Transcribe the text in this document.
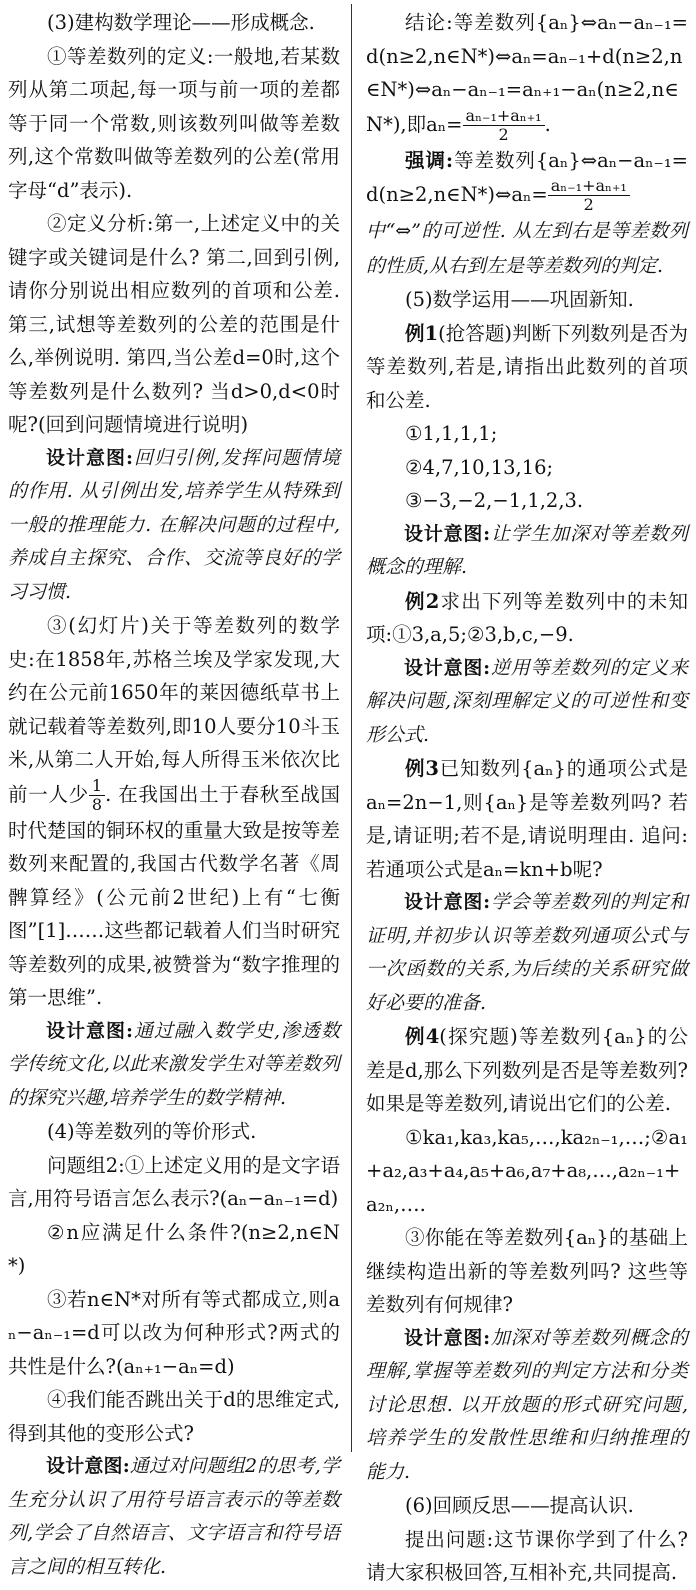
(3)建构数学理论——形成概念.

①等差数列的定义:一般地,若某数列从第二项起,每一项与前一项的差都等于同一个常数,则该数列叫做等差数列,这个常数叫做等差数列的公差(常用字母“d”表示).

②定义分析:第一,上述定义中的关键字或关键词是什么? 第二,回到引例,请你分别说出相应数列的首项和公差. 第三,试想等差数列的公差的范围是什么,举例说明. 第四,当公差d=0时,这个等差数列是什么数列? 当d>0,d<0时呢?(回到问题情境进行说明)

设计意图:回归引例,发挥问题情境的作用. 从引例出发,培养学生从特殊到一般的推理能力. 在解决问题的过程中,养成自主探究、合作、交流等良好的学习习惯.

③(幻灯片)关于等差数列的数学史:在1858年,苏格兰埃及学家发现,大约在公元前1650年的莱因德纸草书上就记载着等差数列,即10人要分10斗玉米,从第二人开始,每人所得玉米依次比前一人少 $\frac{1}{8}$ . 在我国出土于春秋至战国时代楚国的铜环权的重量大致是按等差数列来配置的,我国古代数学名著《周髀算经》(公元前2世纪)上有“七衡图”[1]……这些都记载着人们当时研究等差数列的成果,被赞誉为“数字推理的第一思维”.

设计意图:通过融入数学史,渗透数学传统文化,以此来激发学生对等差数列的探究兴趣,培养学生的数学精神.

(4)等差数列的等价形式.

问题组2:①上述定义用的是文字语言,用符号语言怎么表示?(aₙ−aₙ₋₁=d)

②n应满足什么条件?(n≥2,n∈N*)

③若n∈N*对所有等式都成立,则aₙ−aₙ₋₁=d可以改为何种形式?两式的共性是什么?(aₙ₊₁−aₙ=d)

④我们能否跳出关于d的思维定式,得到其他的变形公式?

设计意图:通过对问题组2的思考,学生充分认识了用符号语言表示的等差数列,学会了自然语言、文字语言和符号语言之间的相互转化.

结论:等差数列{aₙ}⇔aₙ−aₙ₋₁=d(n≥2,n∈N*)⇔aₙ=aₙ₋₁+d(n≥2,n∈N*)⇔aₙ−aₙ₋₁=aₙ₊₁−aₙ(n≥2,n∈N*),即$a_n= \frac{\text{aₙ₋₁+aₙ₊₁}}{2}$ .

强调:等差数列{aₙ}⇔aₙ−aₙ₋₁=d(n≥2,n∈N*)⇔aₙ= $\frac{\text{aₙ₋₁+aₙ₊₁}}{2}$
中“⇔”的可逆性. 从左到右是等差数列的性质,从右到左是等差数列的判定.

(5)数学运用——巩固新知.

例1(抢答题)判断下列数列是否为等差数列,若是,请指出此数列的首项和公差.

①1,1,1,1;

②4,7,10,13,16;

③−3,−2,−1,1,2,3.

设计意图:让学生加深对等差数列概念的理解.

例2求出下列等差数列中的未知项:①3,a,5;②3,b,c,−9.

设计意图:逆用等差数列的定义来解决问题,深刻理解定义的可逆性和变形公式.

例3已知数列{aₙ}的通项公式是aₙ=2n−1,则{aₙ}是等差数列吗? 若是,请证明;若不是,请说明理由. 追问:若通项公式是aₙ=kn+b呢?

设计意图:学会等差数列的判定和证明,并初步认识等差数列通项公式与一次函数的关系,为后续的关系研究做好必要的准备.

例4(探究题)等差数列{aₙ}的公差是d,那么下列数列是否是等差数列? 如果是等差数列,请说出它们的公差.

①ka₁,ka₃,ka₅,…,ka₂ₙ₋₁,…;②a₁+a₂,a₃+a₄,a₅+a₆,a₇+a₈,…,a₂ₙ₋₁+a₂ₙ,….

③你能在等差数列{aₙ}的基础上继续构造出新的等差数列吗? 这些等差数列有何规律?

设计意图:加深对等差数列概念的理解,掌握等差数列的判定方法和分类讨论思想. 以开放题的形式研究问题,培养学生的发散性思维和归纳推理的能力.

(6)回顾反思——提高认识.

提出问题:这节课你学到了什么?请大家积极回答,互相补充,共同提高.
